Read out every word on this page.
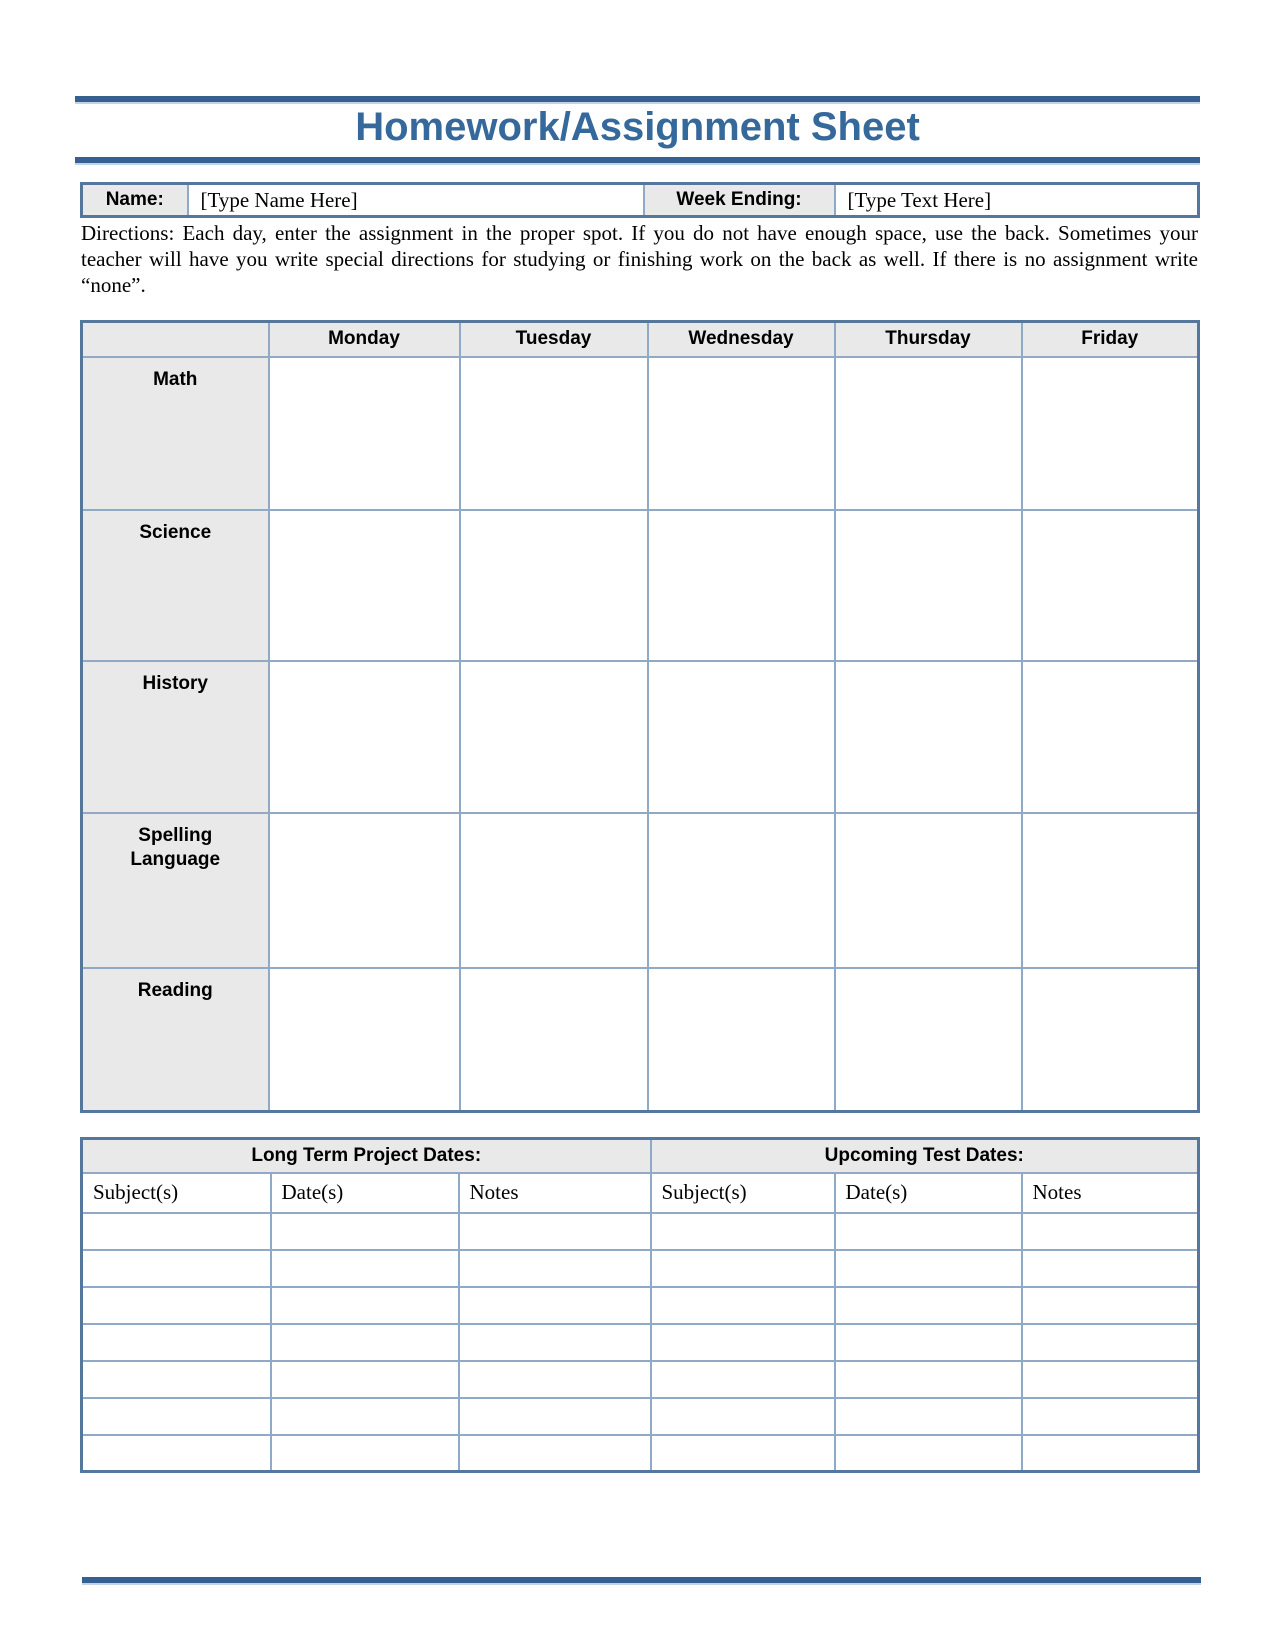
Homework/Assignment Sheet
Name:	[Type Name Here]	Week Ending:	[Type Text Here]

Directions: Each day, enter the assignment in the proper spot. If you do not have enough space, use the back. Sometimes your teacher will have you write special directions for studying or finishing work on the back as well. If there is no assignment write “none”.

	Monday	Tuesday	Wednesday	Thursday	Friday
Math					
Science					
History					
Spelling Language					
Reading					
Long Term Project Dates:			Upcoming Test Dates:		
Subject(s)	Date(s)	Notes	Subject(s)	Date(s)	Notes
